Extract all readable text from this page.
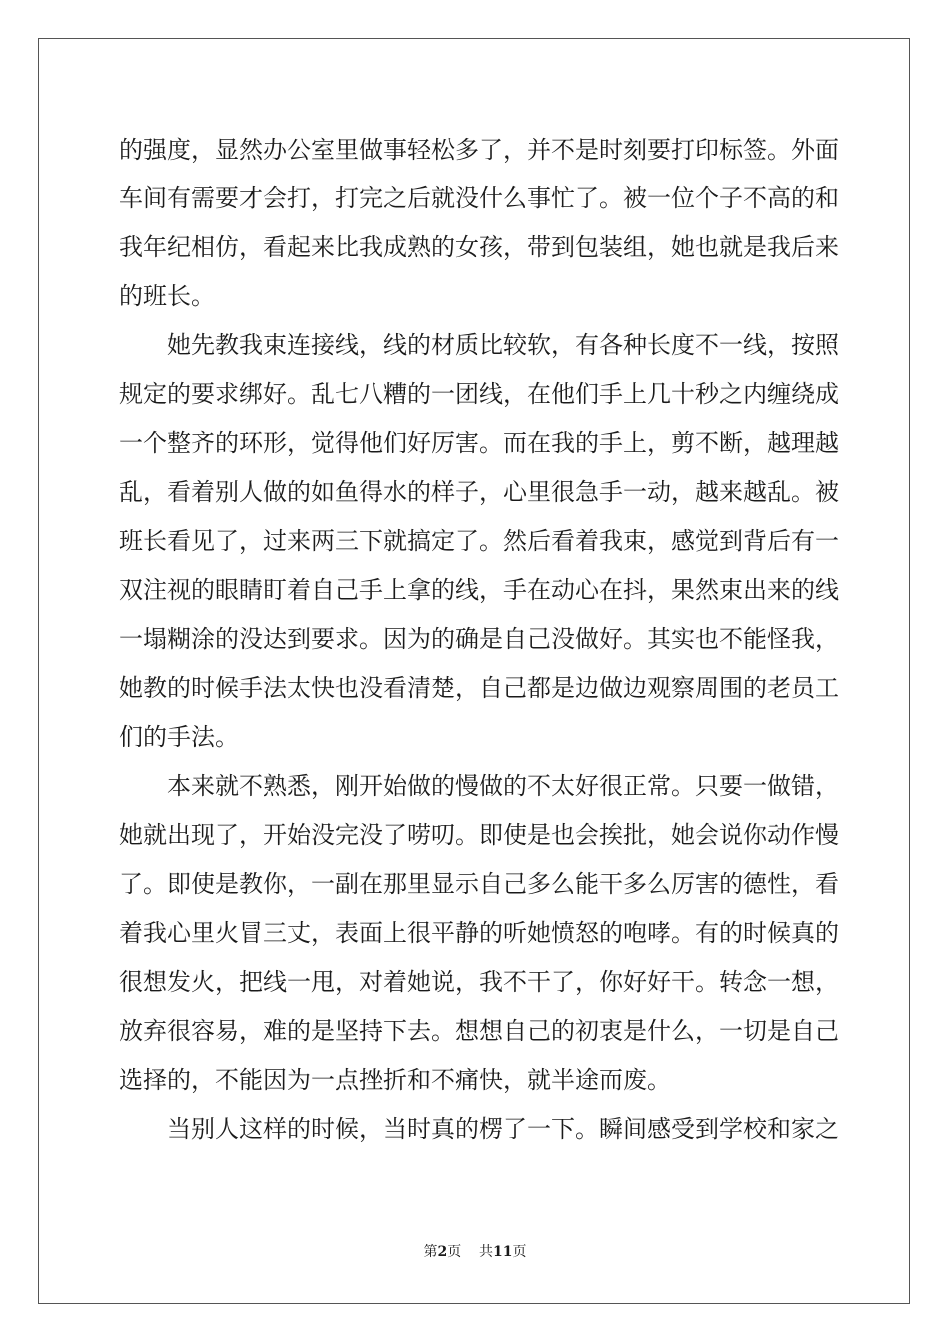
的强度，显然办公室里做事轻松多了，并不是时刻要打印标签。外面

车间有需要才会打，打完之后就没什么事忙了。被一位个子不高的和

我年纪相仿，看起来比我成熟的女孩，带到包装组，她也就是我后来

的班长。

　　她先教我束连接线，线的材质比较软，有各种长度不一线，按照

规定的要求绑好。乱七八糟的一团线，在他们手上几十秒之内缠绕成

一个整齐的环形，觉得他们好厉害。而在我的手上，剪不断，越理越

乱，看着别人做的如鱼得水的样子，心里很急手一动，越来越乱。被

班长看见了，过来两三下就搞定了。然后看着我束，感觉到背后有一

双注视的眼睛盯着自己手上拿的线，手在动心在抖，果然束出来的线

一塌糊涂的没达到要求。因为的确是自己没做好。其实也不能怪我，

她教的时候手法太快也没看清楚，自己都是边做边观察周围的老员工

们的手法。

　　本来就不熟悉，刚开始做的慢做的不太好很正常。只要一做错，

她就出现了，开始没完没了唠叨。即使是也会挨批，她会说你动作慢

了。即使是教你，一副在那里显示自己多么能干多么厉害的德性，看

着我心里火冒三丈，表面上很平静的听她愤怒的咆哮。有的时候真的

很想发火，把线一甩，对着她说，我不干了，你好好干。转念一想，

放弃很容易，难的是坚持下去。想想自己的初衷是什么，一切是自己

选择的，不能因为一点挫折和不痛快，就半途而废。

　　当别人这样的时候，当时真的楞了一下。瞬间感受到学校和家之

第2页 共11页
